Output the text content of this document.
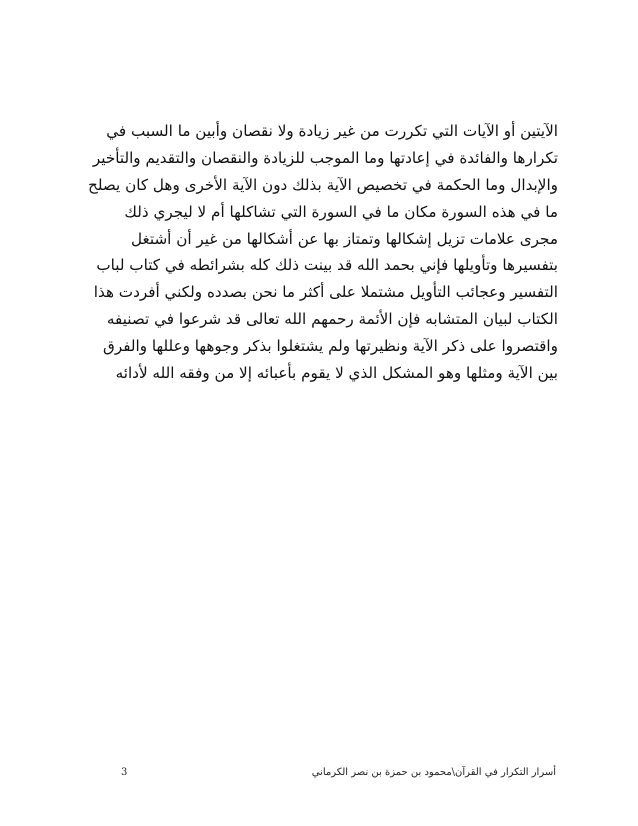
الآيتين أو الآيات التي تكررت من غير زيادة ولا نقصان وأبين ما السبب في
تكرارها والفائدة في إعادتها وما الموجب للزيادة والنقصان والتقديم والتأخير
والإبدال وما الحكمة في تخصيص الآية بذلك دون الآية الأخرى وهل كان يصلح
ما في هذه السورة مكان ما في السورة التي تشاكلها أم لا ليجري ذلك
مجرى علامات تزيل إشكالها وتمتاز بها عن أشكالها من غير أن أشتغل
بتفسيرها وتأويلها فإني بحمد الله قد بينت ذلك كله بشرائطه في كتاب لباب
التفسير وعجائب التأويل مشتملا على أكثر ما نحن بصدده ولكني أفردت هذا
الكتاب لبيان المتشابه فإن الأئمة رحمهم الله تعالى قد شرعوا في تصنيفه
واقتصروا على ذكر الآية ونظيرتها ولم يشتغلوا بذكر وجوهها وعللها والفرق
بين الآية ومثلها وهو المشكل الذي لا يقوم بأعبائه إلا من وفقه الله لأدائه
أسرار التكرار في القرآن\محمود بن حمزة بن نصر الكرماني
3
